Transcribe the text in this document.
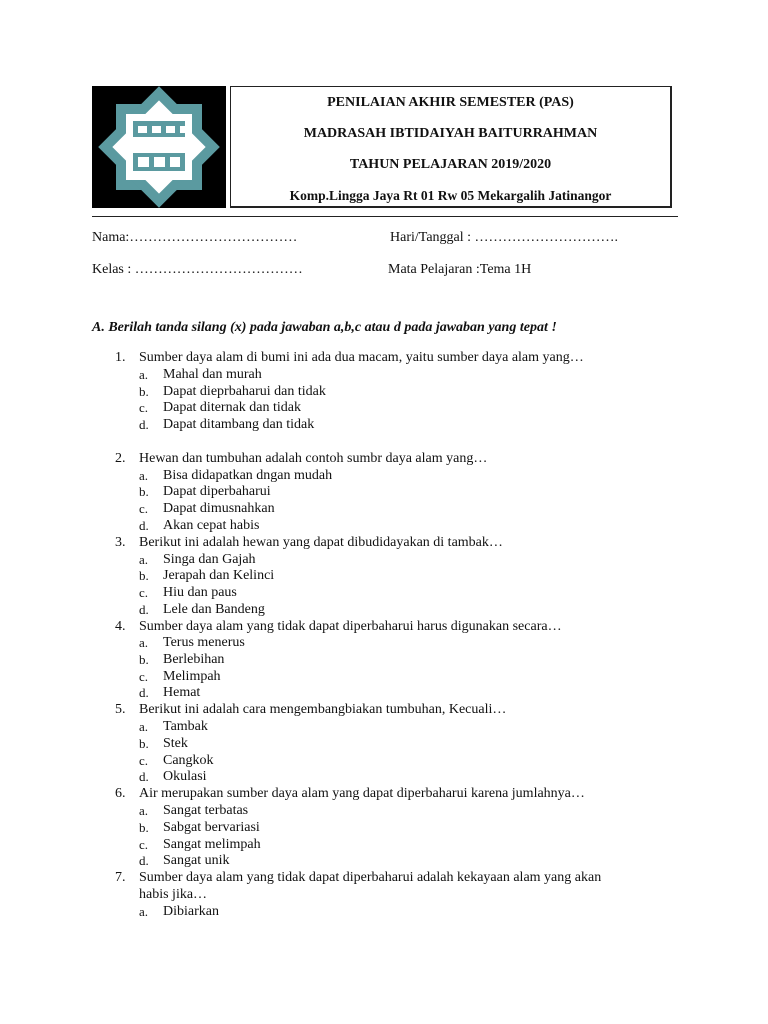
PENILAIAN AKHIR SEMESTER (PAS)
MADRASAH IBTIDAIYAH BAITURRAHMAN
TAHUN PELAJARAN 2019/2020
Komp.Lingga Jaya Rt 01 Rw 05 Mekargalih Jatinangor
Nama:………………………………	Hari/Tanggal : ………………………….
Kelas : ………………………………	Mata Pelajaran :Tema 1H
A. Berilah tanda silang (x) pada jawaban a,b,c atau d pada jawaban yang tepat !
1. Sumber daya alam di bumi ini ada dua macam, yaitu sumber daya alam yang…
a. Mahal dan murah
b. Dapat dieprbaharui dan tidak
c. Dapat diternak dan tidak
d. Dapat ditambang dan tidak
2. Hewan dan tumbuhan adalah contoh sumbr daya alam yang…
a. Bisa didapatkan dngan mudah
b. Dapat diperbaharui
c. Dapat dimusnahkan
d. Akan cepat habis
3. Berikut ini adalah hewan yang dapat dibudidayakan di tambak…
a. Singa dan Gajah
b. Jerapah dan Kelinci
c. Hiu dan paus
d. Lele dan Bandeng
4. Sumber daya alam yang tidak dapat diperbaharui harus digunakan secara…
a. Terus menerus
b. Berlebihan
c. Melimpah
d. Hemat
5. Berikut ini adalah cara mengembangbiakan tumbuhan, Kecuali…
a. Tambak
b. Stek
c. Cangkok
d. Okulasi
6. Air merupakan sumber daya alam yang dapat diperbaharui karena jumlahnya…
a. Sangat terbatas
b. Sabgat bervariasi
c. Sangat melimpah
d. Sangat unik
7. Sumber daya alam yang tidak dapat diperbaharui adalah kekayaan alam yang akan
habis jika…
a. Dibiarkan
